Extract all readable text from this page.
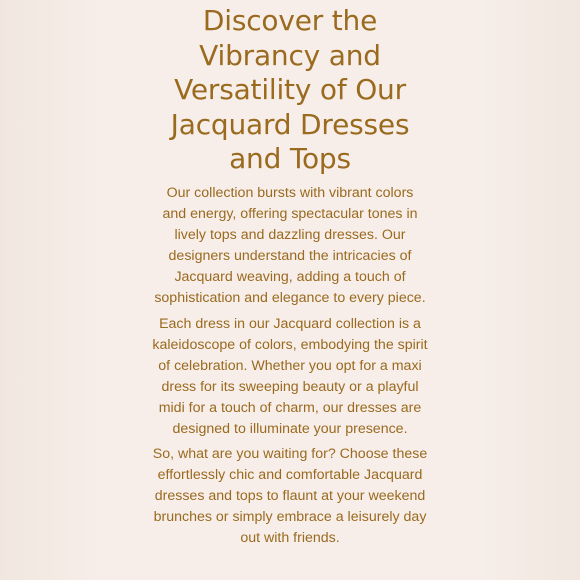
Discover the
Vibrancy and
Versatility of Our
Jacquard Dresses
and Tops

Our collection bursts with vibrant colors
and energy, offering spectacular tones in
lively tops and dazzling dresses. Our
designers understand the intricacies of
Jacquard weaving, adding a touch of
sophistication and elegance to every piece.

Each dress in our Jacquard collection is a
kaleidoscope of colors, embodying the spirit
of celebration. Whether you opt for a maxi
dress for its sweeping beauty or a playful
midi for a touch of charm, our dresses are
designed to illuminate your presence.

So, what are you waiting for? Choose these
effortlessly chic and comfortable Jacquard
dresses and tops to flaunt at your weekend
brunches or simply embrace a leisurely day
out with friends.
